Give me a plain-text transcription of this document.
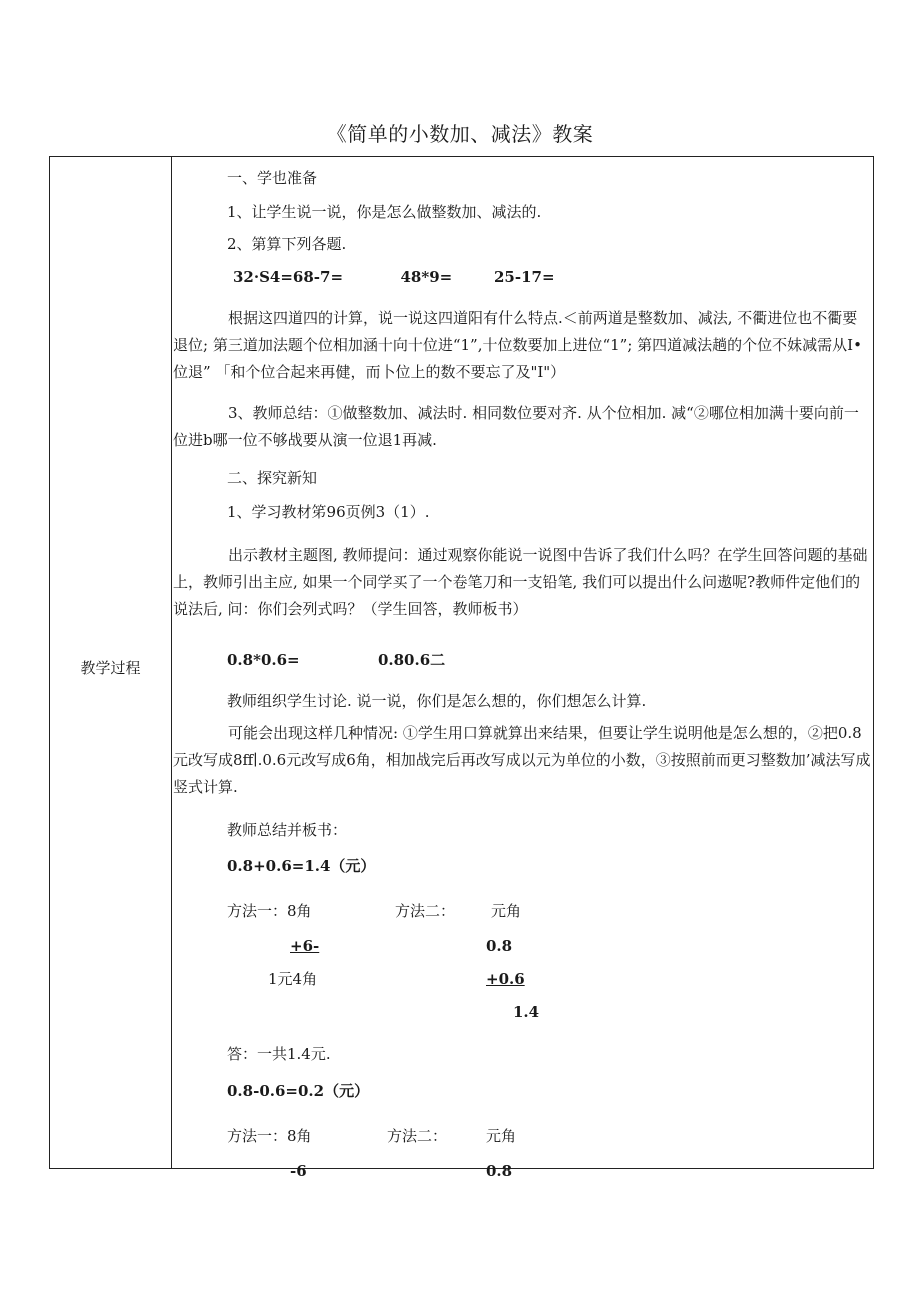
《简单的小数加、减法》教案
教学过程
一、学也准备
1、让学生说一说，你是怎么做整数加、减法的.
2、第算下列各题.
32·S4=68-7=           48*9=        25-17=
根据这四道四的计算，说一说这四道阳有什么特点.＜前两道是整数加、减法, 不衢进位也不衢要退位; 第三道加法题个位相加涵十向十位进“1”,十位数要加上进位“1”; 第四道减法趟的个位不妹减需从I• 位退” 「和个位合起来再健，而卜位上的数不要忘了及"I"）
3、教师总结：①做整数加、减法时. 相同数位要对齐. 从个位相加. 减“②哪位相加满十要向前一位进b哪一位不够战要从演一位退1再减.
二、探究新知
1、学习教材笫96页例3（1）.
出示教材主题图, 教师提问：通过观察你能说一说图中告诉了我们什么吗？在学生回答问题的基础上，教师引出主应, 如果一个同学买了一个卷笔刀和一支铅笔, 我们可以提出什么问遨呢?教师件定他们的说法后, 问：你们会列式吗？（学生回答，教师板书）
0.8*0.6=               0.80.6二
教师组织学生讨论. 说一说，你们是怎么想的，你们想怎么计算.
可能会出现这样几种情况: ①学生用口算就算出来结果，但要让学生说明他是怎么想的，②把0.8元改写成8ff∣.0.6元改写成6角，相加战完后再改写成以元为单位的小数，③按照前而更习整数加’减法写成竖式计算.
教师总结并板书：
0.8+0.6=1.4（元）
方法一：8角	方法二： 元角
+6-	0.8
1元4角	+0.6
1.4
答：一共1.4元.
0.8-0.6=0.2（元）
方法一：8角	方法二：	元角
-6	0.8
